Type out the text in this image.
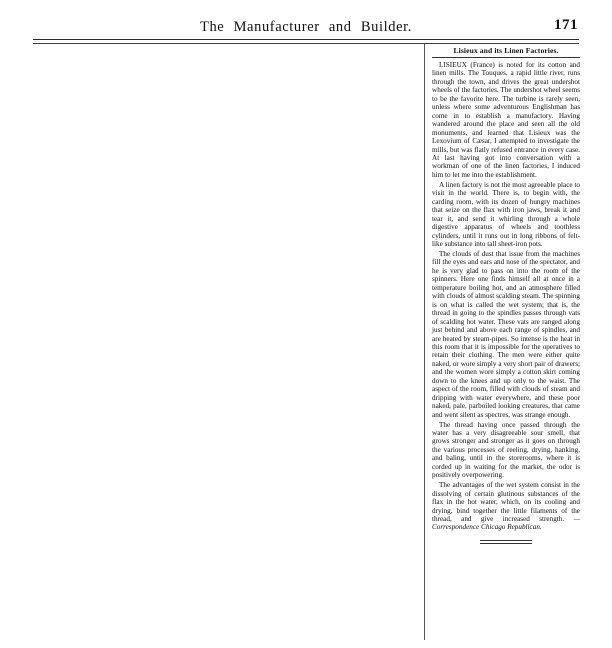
The Manufacturer and Builder.	171
Lisieux and its Linen Factories.

LISIEUX (France) is noted for its cotton and linen mills. The Touques, a rapid little river, runs through the town, and drives the great undershot wheels of the factories. The undershot wheel seems to be the favorite here. The turbine is rarely seen, unless where some adventurous Englishman has come in to establish a manufactory. Having wandered around the place and seen all the old monuments, and learned that Lisieux was the Lexovium of Cæsar, I attempted to investigate the mills, but was flatly refused entrance in every case. At last having got into conversation with a workman of one of the linen factories, I induced him to let me into the establishment.

A linen factory is not the most agreeable place to visit in the world. There is, to begin with, the carding room, with its dozen of hungry machines that seize on the flax with iron jaws, break it and tear it, and send it whirling through a whole digestive apparatus of wheels and toothless cylinders, until it runs out in long ribbons of felt-like substance into tall sheet-iron pots.

The clouds of dust that issue from the machines fill the eyes and ears and nose of the spectator, and he is very glad to pass on into the room of the spinners. Here one finds himself all at once in a temperature boiling hot, and an atmosphere filled with clouds of almost scalding steam. The spinning is on what is called the wet system; that is, the thread in going to the spindles passes through vats of scalding hot water. These vats are ranged along just behind and above each range of spindles, and are heated by steam-pipes. So intense is the heat in this room that it is impossible for the operatives to retain their clothing. The men were either quite naked, or wore simply a very short pair of drawers; and the women wore simply a cotton skirt coming down to the knees and up only to the waist. The aspect of the room, filled with clouds of steam and dripping with water everywhere, and these poor naked, pale, parboiled looking creatures, that came and went silent as spectres, was strange enough.

The thread having once passed through the water has a very disagreeable sour smell, that grows stronger and stronger as it goes on through the various processes of reeling, drying, hanking, and baling, until in the storerooms, where it is corded up in waiting for the market, the odor is positively overpowering.

The advantages of the wet system consist in the dissolving of certain glutinous substances of the flax in the hot water, which, on its cooling and drying, bind together the little filaments of the thread, and give increased strength. —Correspondence Chicago Republican.
